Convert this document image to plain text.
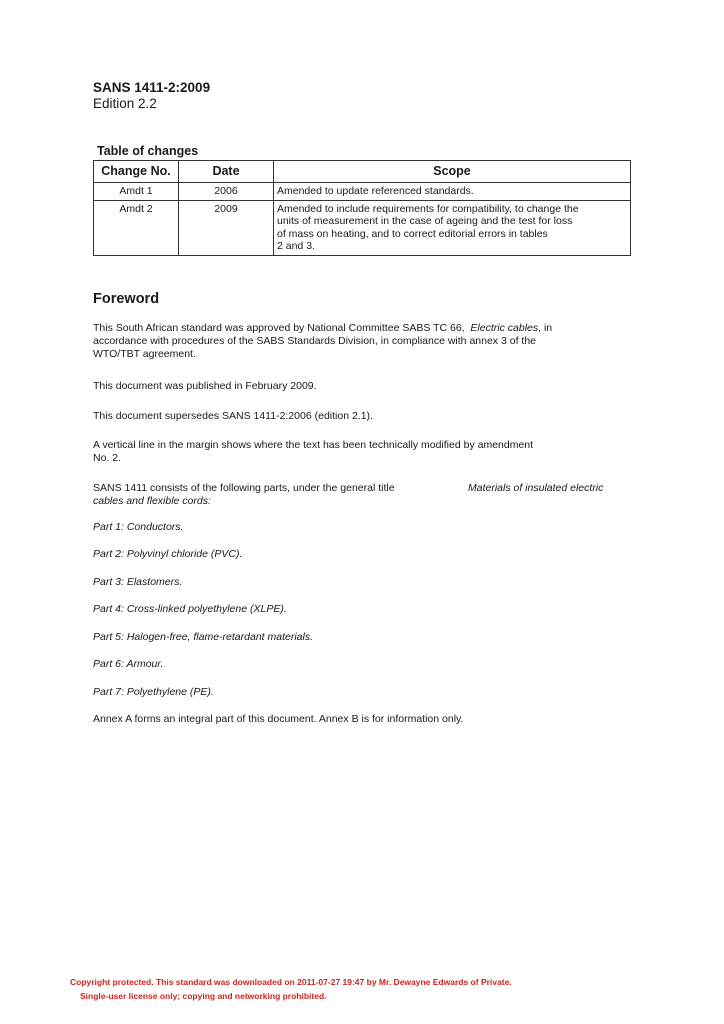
SANS 1411-2:2009
Edition 2.2
Table of changes
Change No.	Date	Scope
Amdt 1	2006	Amended to update referenced standards.
Amdt 2	2009	Amended to include requirements for compatibility, to change the
units of measurement in the case of ageing and the test for loss
of mass on heating, and to correct editorial errors in tables
2 and 3.
Foreword
This South African standard was approved by National Committee SABS TC 66, Electric cables, in
accordance with procedures of the SABS Standards Division, in compliance with annex 3 of the
WTO/TBT agreement.
This document was published in February 2009.
This document supersedes SANS 1411-2:2006 (edition 2.1).
A vertical line in the margin shows where the text has been technically modified by amendment
No. 2.
SANS 1411 consists of the following parts, under the general title	Materials of insulated electric
cables and flexible cords:
Part 1: Conductors.
Part 2: Polyvinyl chloride (PVC).
Part 3: Elastomers.
Part 4: Cross-linked polyethylene (XLPE).
Part 5: Halogen-free, flame-retardant materials.
Part 6: Armour.
Part 7: Polyethylene (PE).
Annex A forms an integral part of this document. Annex B is for information only.
Copyright protected. This standard was downloaded on 2011-07-27 19:47 by Mr. Dewayne Edwards of Private.
Single-user license only; copying and networking prohibited.
